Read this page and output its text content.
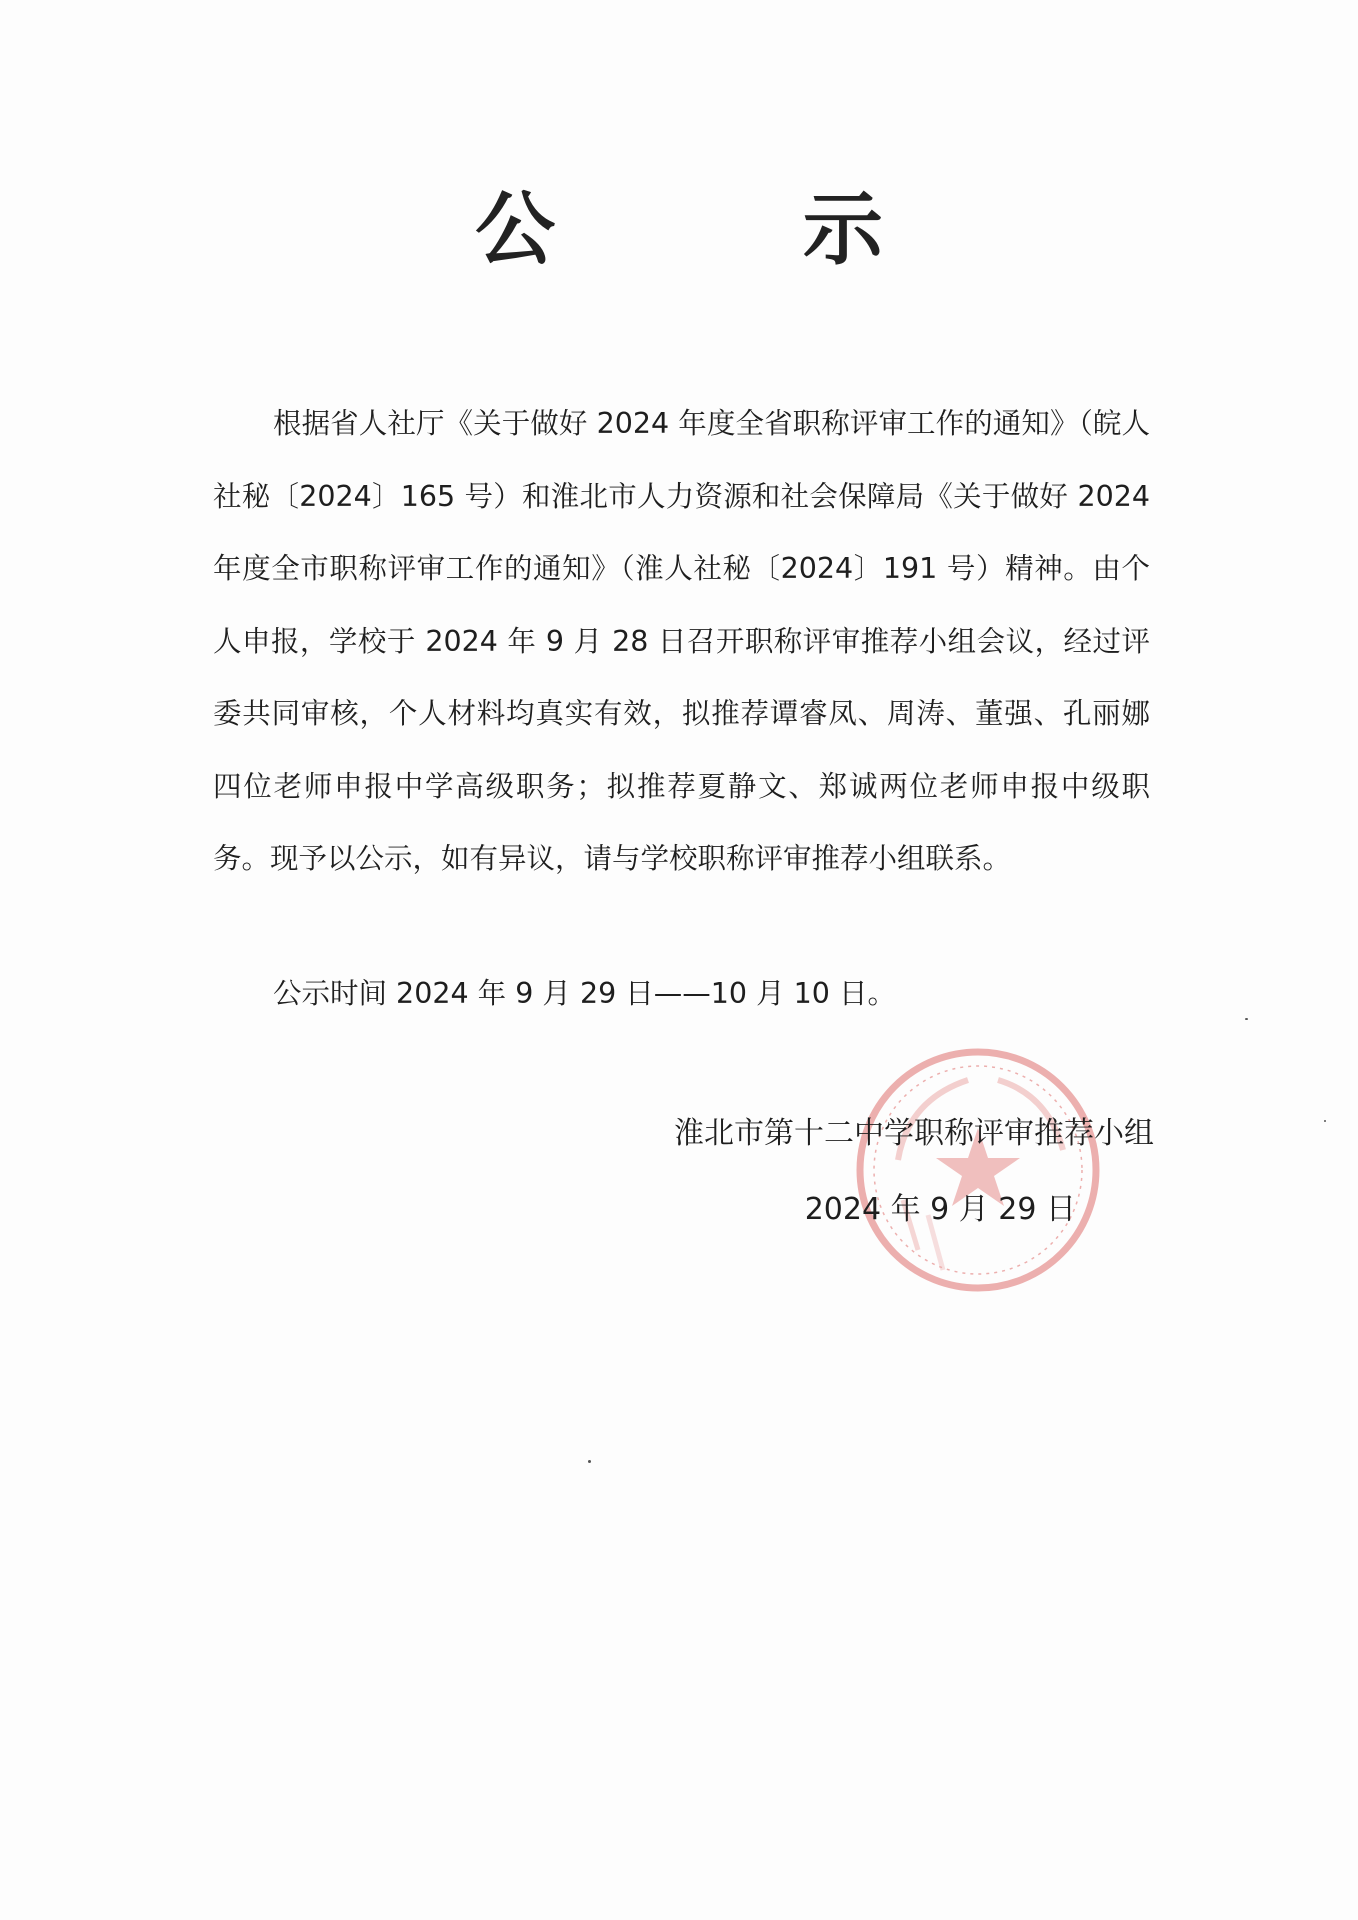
公 示

根据省人社厅《关于做好 2024 年度全省职称评审工作的通知》（皖人社秘〔2024〕165 号）和淮北市人力资源和社会保障局《关于做好 2024 年度全市职称评审工作的通知》（淮人社秘〔2024〕191 号）精神。由个人申报，学校于 2024 年 9 月 28 日召开职称评审推荐小组会议，经过评委共同审核，个人材料均真实有效，拟推荐谭睿凤、周涛、董强、孔丽娜四位老师申报中学高级职务；拟推荐夏静文、郑诚两位老师申报中级职务。现予以公示，如有异议，请与学校职称评审推荐小组联系。

公示时间 2024 年 9 月 29 日——10 月 10 日。

淮北市第十二中学职称评审推荐小组
2024 年 9 月 29 日
